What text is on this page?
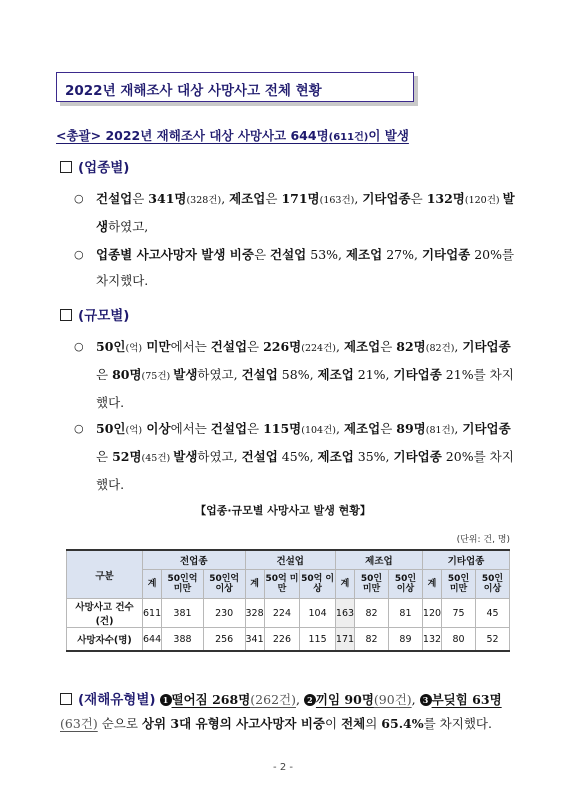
2022년 재해조사 대상 사망사고 전체 현황
<총괄> 2022년 재해조사 대상 사망사고 644명(611건)이 발생
(업종별)
○ 건설업은 341명(328건), 제조업은 171명(163건), 기타업종은 132명(120건) 발생하였고,
○ 업종별 사고사망자 발생 비중은 건설업 53%, 제조업 27%, 기타업종 20%를 차지했다.
(규모별)
○ 50인(억) 미만에서는 건설업은 226명(224건), 제조업은 82명(82건), 기타업종은 80명(75건) 발생하였고, 건설업 58%, 제조업 21%, 기타업종 21%를 차지했다.
○ 50인(억) 이상에서는 건설업은 115명(104건), 제조업은 89명(81건), 기타업종은 52명(45건) 발생하였고, 건설업 45%, 제조업 35%, 기타업종 20%를 차지했다.
【업종·규모별 사망사고 발생 현황】
(단위: 건, 명)
구분	전업종			건설업			제조업			기타업종		
	계	50인억 미만	50인억 이상	계	50억 미만	50억 이상	계	50인 미만	50인 이상	계	50인 미만	50인 이상
사망사고 건수(건)	611	381	230	328	224	104	163	82	81	120	75	45
사망자수(명)	644	388	256	341	226	115	171	82	89	132	80	52
(재해유형별) 1 떨어짐 268명(262건), 2 끼임 90명(90건), 3 부딪힘 63명(63건) 순으로 상위 3대 유형의 사고사망자 비중이 전체의 65.4%를 차지했다.
- 2 -
